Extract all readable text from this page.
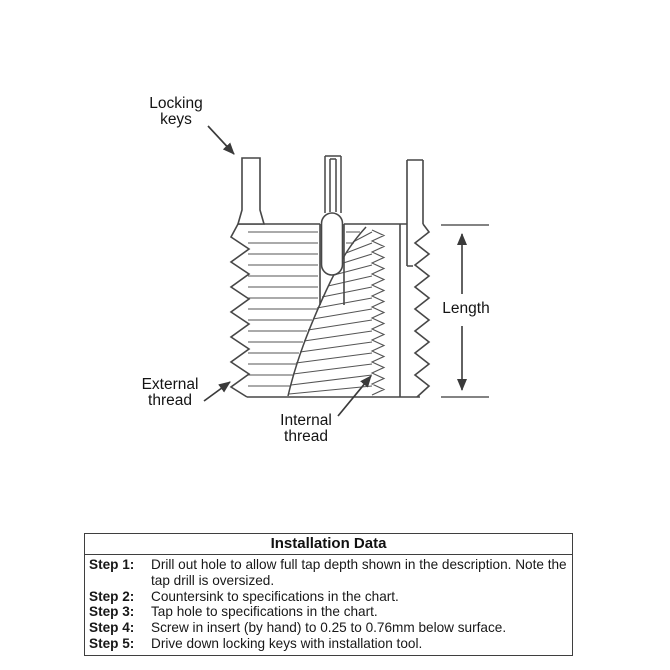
Locking keys
Length
External thread
Internal thread
Installation Data
Step 1:	Drill out hole to allow full tap depth shown in the description. Note the tap drill is oversized.
Step 2:	Countersink to specifications in the chart.
Step 3:	Tap hole to specifications in the chart.
Step 4:	Screw in insert (by hand) to 0.25 to 0.76mm below surface.
Step 5:	Drive down locking keys with installation tool.
